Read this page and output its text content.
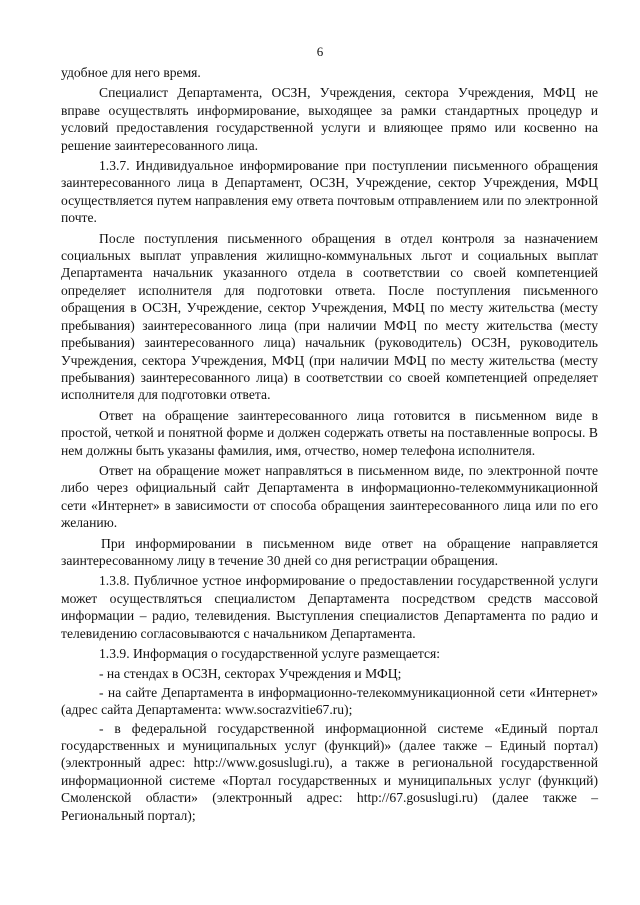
6

удобное для него время.

Специалист Департамента, ОСЗН, Учреждения, сектора Учреждения, МФЦ не вправе осуществлять информирование, выходящее за рамки стандартных процедур и условий предоставления государственной услуги и влияющее прямо или косвенно на решение заинтересованного лица.

1.3.7. Индивидуальное информирование при поступлении письменного обращения заинтересованного лица в Департамент, ОСЗН, Учреждение, сектор Учреждения, МФЦ осуществляется путем направления ему ответа почтовым отправлением или по электронной почте.

После поступления письменного обращения в отдел контроля за назначением социальных выплат управления жилищно-коммунальных льгот и социальных выплат Департамента начальник указанного отдела в соответствии со своей компетенцией определяет исполнителя для подготовки ответа. После поступления письменного обращения в ОСЗН, Учреждение, сектор Учреждения, МФЦ по месту жительства (месту пребывания) заинтересованного лица (при наличии МФЦ по месту жительства (месту пребывания) заинтересованного лица) начальник (руководитель) ОСЗН, руководитель Учреждения, сектора Учреждения, МФЦ (при наличии МФЦ по месту жительства (месту пребывания) заинтересованного лица) в соответствии со своей компетенцией определяет исполнителя для подготовки ответа.

Ответ на обращение заинтересованного лица готовится в письменном виде в простой, четкой и понятной форме и должен содержать ответы на поставленные вопросы. В нем должны быть указаны фамилия, имя, отчество, номер телефона исполнителя.

Ответ на обращение может направляться в письменном виде, по электронной почте либо через официальный сайт Департамента в информационно-телекоммуникационной сети «Интернет» в зависимости от способа обращения заинтересованного лица или по его желанию.

При информировании в письменном виде ответ на обращение направляется заинтересованному лицу в течение 30 дней со дня регистрации обращения.

1.3.8. Публичное устное информирование о предоставлении государственной услуги может осуществляться специалистом Департамента посредством средств массовой информации – радио, телевидения. Выступления специалистов Департамента по радио и телевидению согласовываются с начальником Департамента.

1.3.9. Информация о государственной услуге размещается:

- на стендах в ОСЗН, секторах Учреждения и МФЦ;

- на сайте Департамента в информационно-телекоммуникационной сети «Интернет» (адрес сайта Департамента: www.socrazvitie67.ru);

- в федеральной государственной информационной системе «Единый портал государственных и муниципальных услуг (функций)» (далее также – Единый портал) (электронный адрес: http://www.gosuslugi.ru), а также в региональной государственной информационной системе «Портал государственных и муниципальных услуг (функций) Смоленской области» (электронный адрес: http://67.gosuslugi.ru) (далее также – Региональный портал);
